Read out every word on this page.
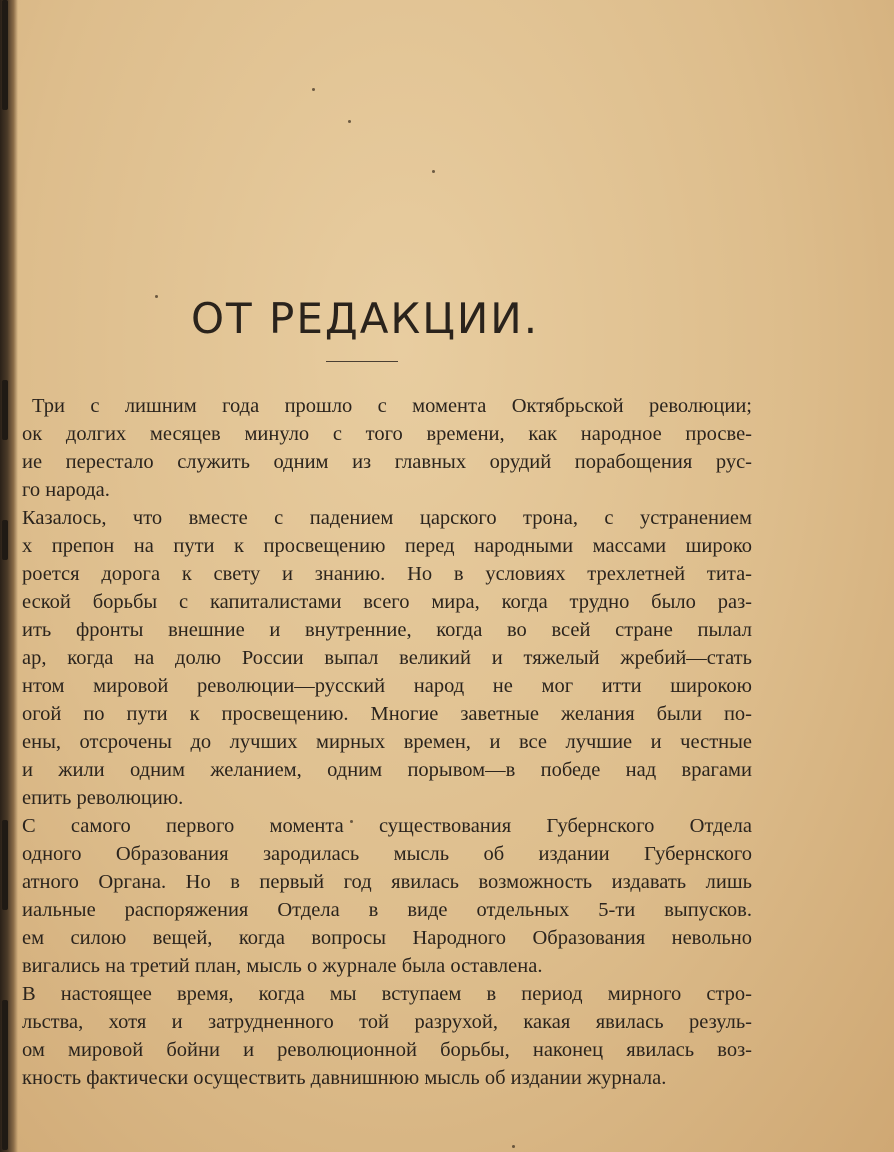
ОТ РЕДАКЦИИ.
Три с лишним года прошло с момента Октябрьской революции;
ок долгих месяцев минуло с того времени, как народное просве-
ие перестало служить одним из главных орудий порабощения рус-
го народа.
Казалось, что вместе с падением царского трона, с устранением
х препон на пути к просвещению перед народными массами широко
роется дорога к свету и знанию. Но в условиях трехлетней тита-
еской борьбы с капиталистами всего мира, когда трудно было раз-
ить фронты внешние и внутренние, когда во всей стране пылал
ар, когда на долю России выпал великий и тяжелый жребий—стать
нтом мировой революции—русский народ не мог итти широкою
огой по пути к просвещению. Многие заветные желания были по-
ены, отсрочены до лучших мирных времен, и все лучшие и честные
и жили одним желанием, одним порывом—в победе над врагами
епить революцию.
С самого первого момента существования Губернского Отдела
одного Образования зародилась мысль об издании Губернского
атного Органа. Но в первый год явилась возможность издавать лишь
иальные распоряжения Отдела в виде отдельных 5-ти выпусков.
ем силою вещей, когда вопросы Народного Образования невольно
вигались на третий план, мысль о журнале была оставлена.
В настоящее время, когда мы вступаем в период мирного стро-
льства, хотя и затрудненного той разрухой, какая явилась резуль-
ом мировой бойни и революционной борьбы, наконец явилась воз-
кность фактически осуществить давнишнюю мысль об издании журнала.
